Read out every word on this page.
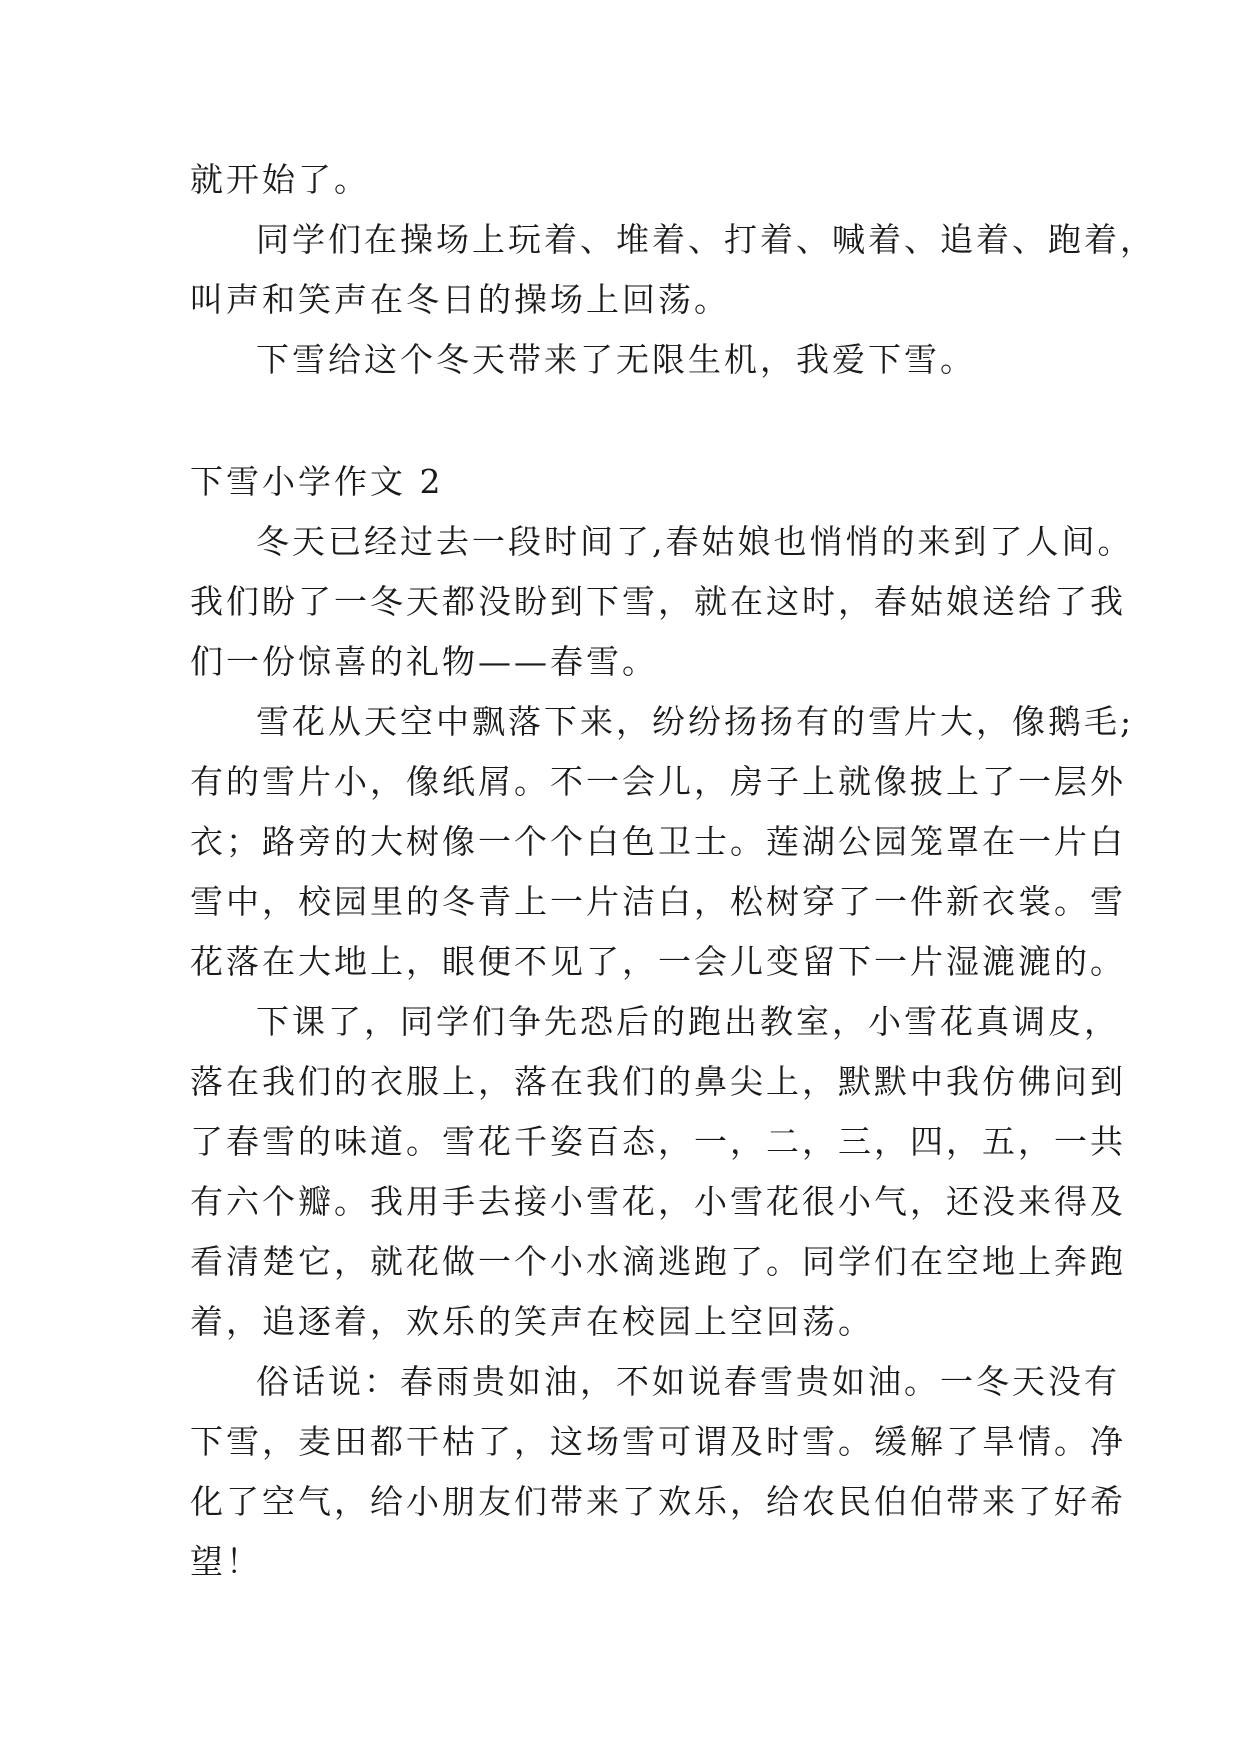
就开始了。
同学们在操场上玩着、堆着、打着、喊着、追着、跑着，
叫声和笑声在冬日的操场上回荡。
下雪给这个冬天带来了无限生机，我爱下雪。
下雪小学作文 2
冬天已经过去一段时间了,春姑娘也悄悄的来到了人间。
我们盼了一冬天都没盼到下雪，就在这时，春姑娘送给了我
们一份惊喜的礼物——春雪。
雪花从天空中飘落下来，纷纷扬扬有的雪片大，像鹅毛;
有的雪片小，像纸屑。不一会儿，房子上就像披上了一层外
衣；路旁的大树像一个个白色卫士。莲湖公园笼罩在一片白
雪中，校园里的冬青上一片洁白，松树穿了一件新衣裳。雪
花落在大地上，眼便不见了，一会儿变留下一片湿漉漉的。
下课了，同学们争先恐后的跑出教室，小雪花真调皮，
落在我们的衣服上，落在我们的鼻尖上，默默中我仿佛问到
了春雪的味道。雪花千姿百态，一，二，三，四，五，一共
有六个瓣。我用手去接小雪花，小雪花很小气，还没来得及
看清楚它，就花做一个小水滴逃跑了。同学们在空地上奔跑
着，追逐着，欢乐的笑声在校园上空回荡。
俗话说：春雨贵如油，不如说春雪贵如油。一冬天没有
下雪，麦田都干枯了，这场雪可谓及时雪。缓解了旱情。净
化了空气，给小朋友们带来了欢乐，给农民伯伯带来了好希
望！
